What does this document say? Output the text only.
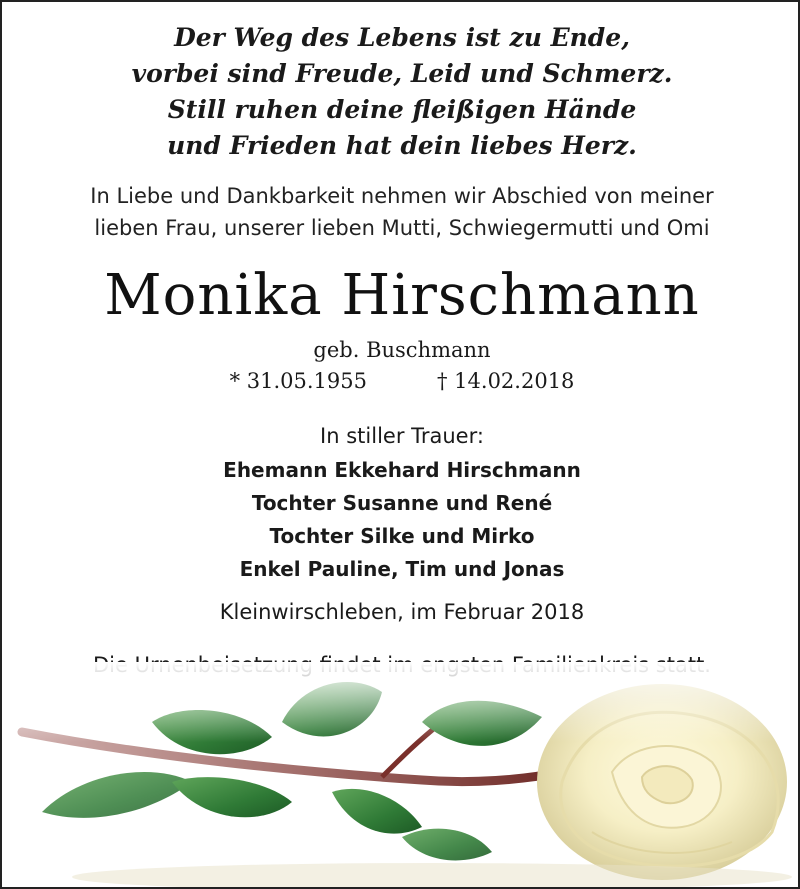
Der Weg des Lebens ist zu Ende,
vorbei sind Freude, Leid und Schmerz.
Still ruhen deine fleißigen Hände
und Frieden hat dein liebes Herz.
In Liebe und Dankbarkeit nehmen wir Abschied von meiner
lieben Frau, unserer lieben Mutti, Schwiegermutti und Omi
Monika Hirschmann
geb. Buschmann
* 31.05.1955	† 14.02.2018
In stiller Trauer:
Ehemann Ekkehard Hirschmann
Tochter Susanne und René
Tochter Silke und Mirko
Enkel Pauline, Tim und Jonas
Kleinwirschleben, im Februar 2018
